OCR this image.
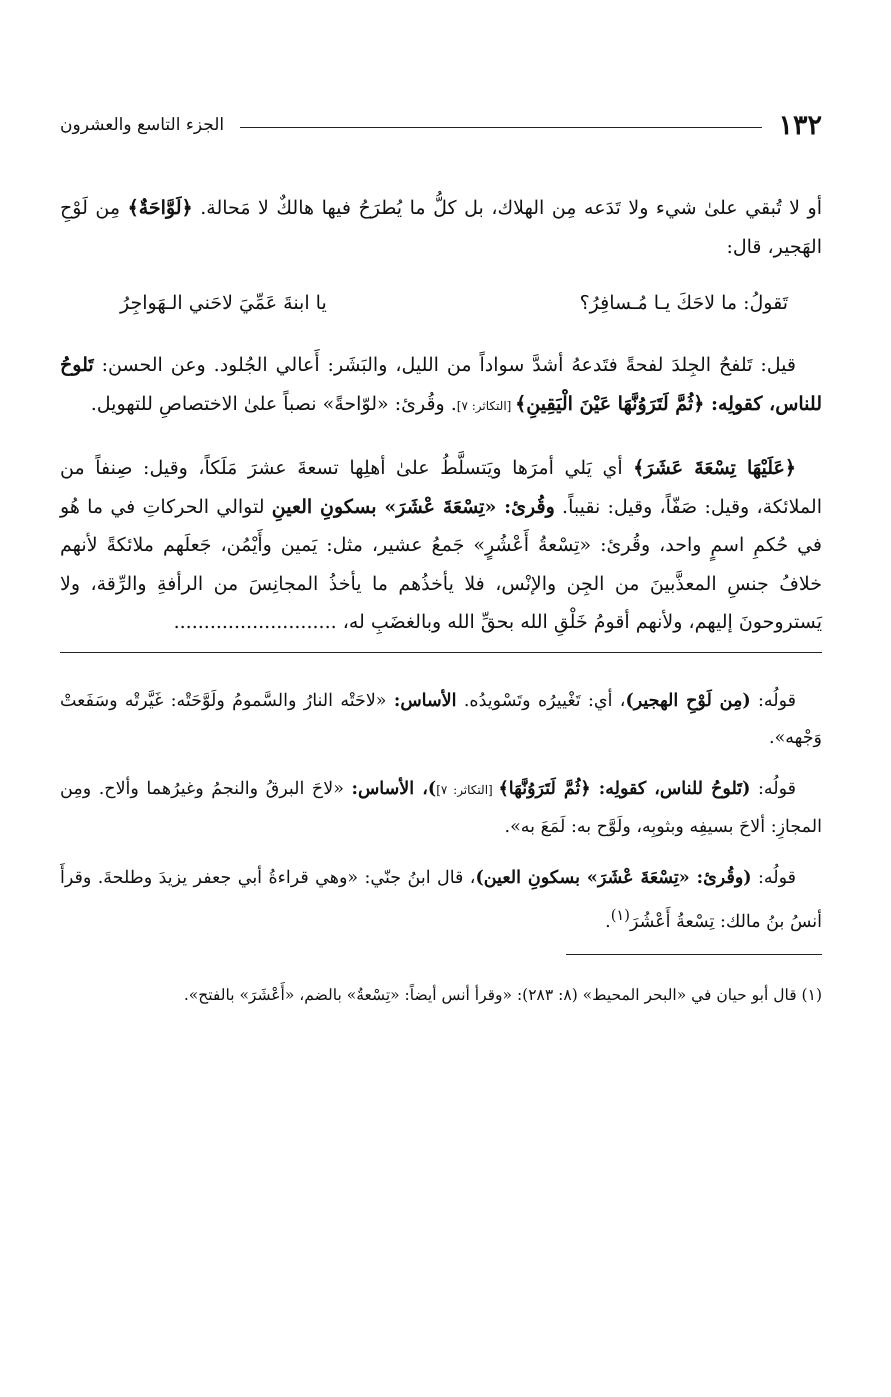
١٣٢
الجزء التاسع والعشرون

أو لا تُبقي علىٰ شيء ولا تَدَعه مِن الهلاك، بل كلُّ ما يُطرَحُ فيها هالكٌ لا مَحالة. ﴿لَوَّاحَةٌ﴾ مِن لَوْحِ الهَجير، قال:

تَقولُ: ما لاحَكَ يـا مُـسافِرُ؟
يا ابنةَ عَمِّيَ لاحَني الـهَواجِرُ

قيل: تَلفحُ الجِلدَ لفحةً فتَدعهُ أشدَّ سواداً من الليل، والبَشَر: أَعالي الجُلود. وعن الحسن: تَلوحُ للناس، كقولِه: ﴿ثُمَّ لَتَرَوُنَّهَا عَيْنَ الْيَقِينِ﴾ [التكاثر: ٧]. وقُرئ: «لوّاحةً» نصباً علىٰ الاختصاصِ للتهويل.

﴿عَلَيْهَا تِسْعَةَ عَشَرَ﴾ أي يَلي أمرَها ويَتسلَّطُ علىٰ أهلِها تسعةَ عشرَ مَلَكاً، وقيل: صِنفاً من الملائكة، وقيل: صَفّاً، وقيل: نقيباً. وقُرئ: «تِسْعَةَ عْشَرَ» بسكونِ العينِ لتوالي الحركاتِ في ما هُو في حُكمِ اسمٍ واحد، وقُرئ: «تِسْعةُ أَعْشُرٍ» جَمعُ عشير، مثل: يَمين وأَيْمُن، جَعلَهم ملائكةً لأنهم خلافُ جنسِ المعذَّبينَ من الجِن والإنْس، فلا يأخذُهم ما يأخذُ المجانِسَ من الرأفةِ والرِّقة، ولا يَستروحونَ إليهم، ولأنهم أقومُ خَلْقِ الله بحقِّ الله وبالغضَبِ له، ...........................

قولُه: (مِن لَوْحِ الهجير)، أي: تَغْييرُه وتَسْويدُه. الأساس: «لاحَتْه النارُ والسَّمومُ ولَوَّحَتْه: غَيَّرتْه وسَفَعتْ وَجْهه».

قولُه: (تَلوحُ للناس، كقولِه: ﴿ثُمَّ لَتَرَوُنَّهَا﴾ [التكاثر: ٧])، الأساس: «لاحَ البرقُ والنجمُ وغيرُهما وألاح. ومِن المجازِ: ألاحَ بسيفِه وبثوبِه، ولَوَّح به: لَمَعَ به».

قولُه: (وقُرئ: «تِسْعَةَ عْشَرَ» بسكونِ العين)، قال ابنُ جنّي: «وهي قراءةُ أبي جعفر يزيدَ وطلحةَ. وقرأَ أنسُ بنُ مالك: تِسْعةُ أَعْشُرَ$^{(١)}$.

(١) قال أبو حيان في «البحر المحيط» (٨: ٢٨٣): «وقرأ أنس أيضاً: «تِسْعةُ» بالضم، «أَعْشَرَ» بالفتح».
